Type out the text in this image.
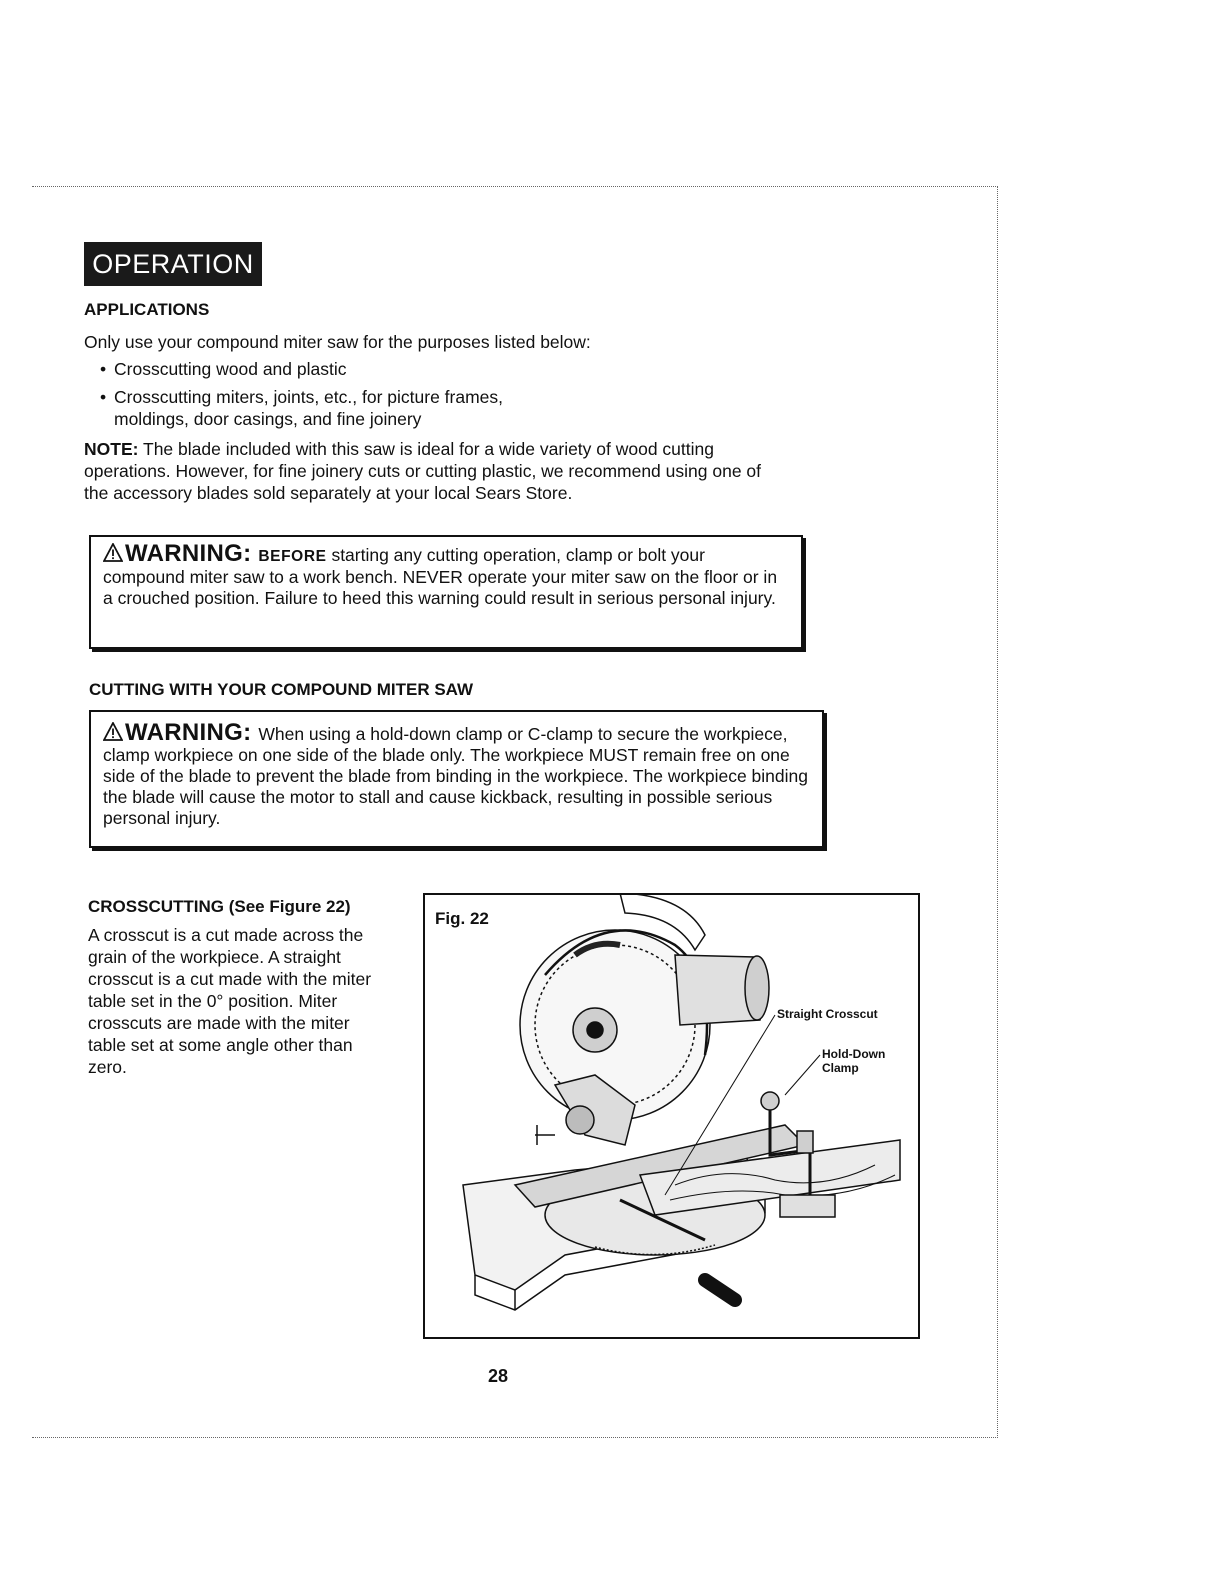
OPERATION
APPLICATIONS

Only use your compound miter saw for the purposes listed below:

• Crosscutting wood and plastic
• Crosscutting miters, joints, etc., for picture frames,
moldings, door casings, and fine joinery

NOTE: The blade included with this saw is ideal for a wide variety of wood cutting operations. However, for fine joinery cuts or cutting plastic, we recommend using one of the accessory blades sold separately at your local Sears Store.

WARNING: BEFORE starting any cutting operation, clamp or bolt your compound miter saw to a work bench. NEVER operate your miter saw on the floor or in a crouched position. Failure to heed this warning could result in serious personal injury.
CUTTING WITH YOUR COMPOUND MITER SAW
WARNING: When using a hold-down clamp or C-clamp to secure the workpiece, clamp workpiece on one side of the blade only. The workpiece MUST remain free on one side of the blade to prevent the blade from binding in the workpiece. The workpiece binding the blade will cause the motor to stall and cause kickback, resulting in possible serious personal injury.
CROSSCUTTING (See Figure 22)

A crosscut is a cut made across the grain of the workpiece. A straight crosscut is a cut made with the miter table set in the 0° position. Miter crosscuts are made with the miter table set at some angle other than zero.

Fig. 22
Straight Crosscut
Hold-Down
Clamp
28
